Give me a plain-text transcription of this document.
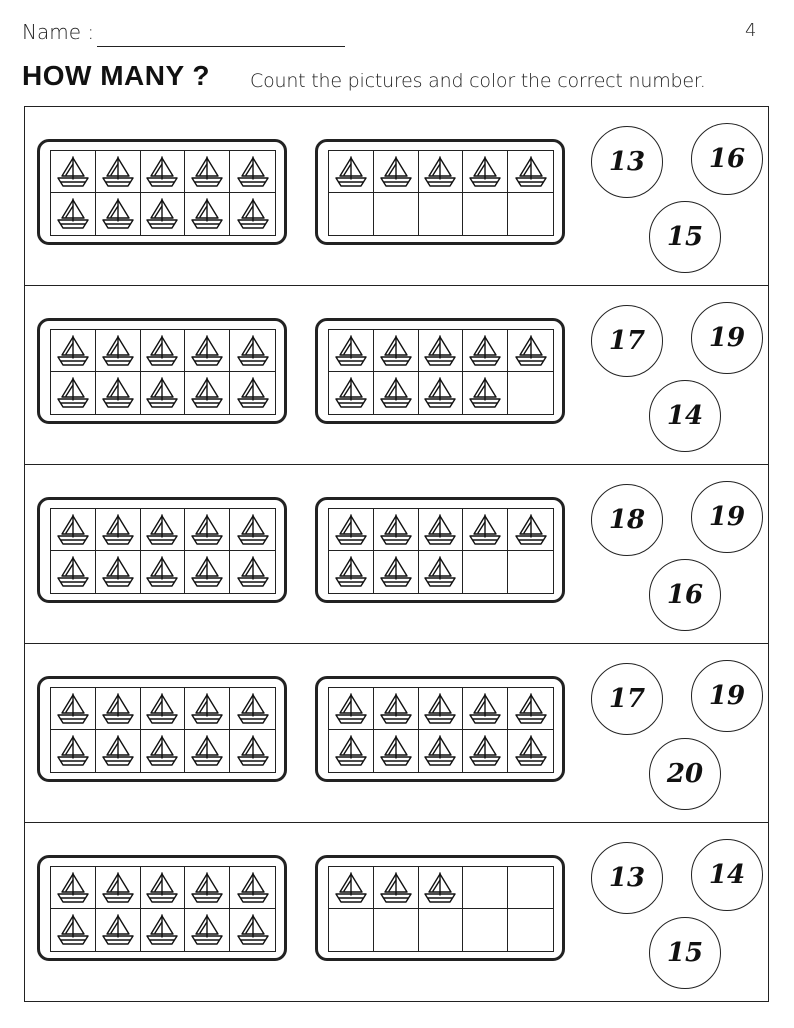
Name :	4
HOW MANY ? Count the pictures and color the correct number.
13	16
15
17	19
14
18	19
16
17	19
20
13	14
15
